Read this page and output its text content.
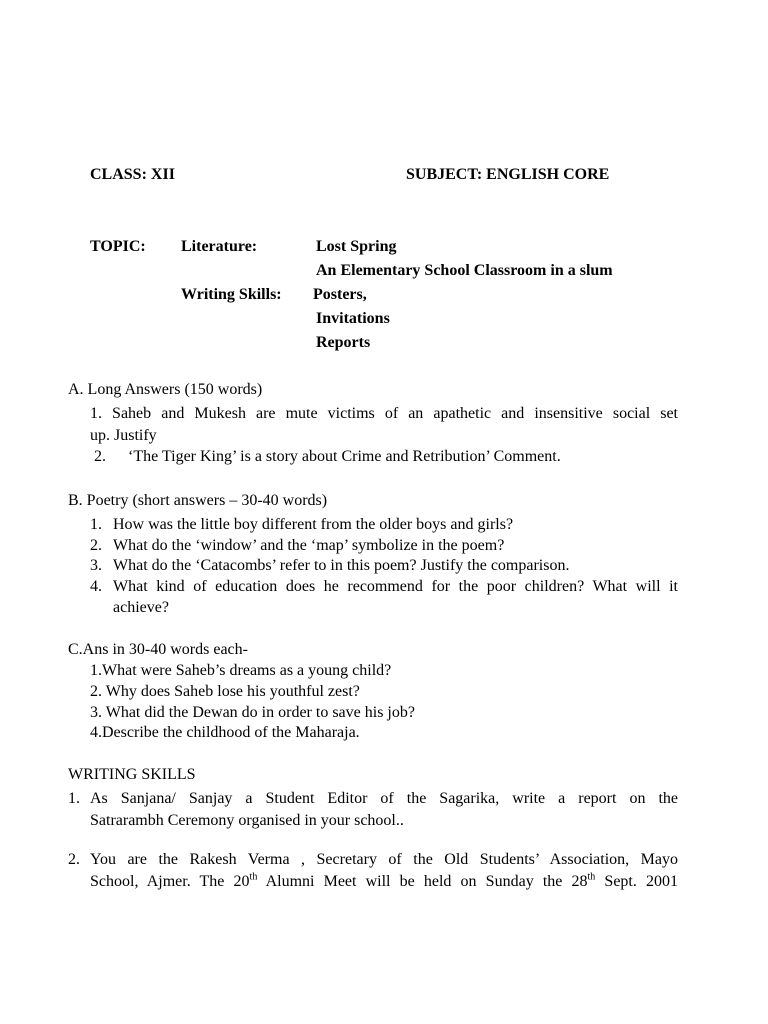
CLASS: XII	SUBJECT: ENGLISH CORE
TOPIC: Literature:	Lost Spring
An Elementary School Classroom in a slum
Writing Skills: Posters,
Invitations
Reports
A. Long Answers (150 words)
1. Saheb and Mukesh are mute victims of an apathetic and insensitive social set
up. Justify
2. ‘The Tiger King’ is a story about Crime and Retribution’ Comment.
B. Poetry (short answers – 30-40 words)
1. How was the little boy different from the older boys and girls?
2. What do the ‘window’ and the ‘map’ symbolize in the poem?
3. What do the ‘Catacombs’ refer to in this poem? Justify the comparison.
4. What kind of education does he recommend for the poor children? What will it
achieve?
C.Ans in 30-40 words each-
1.What were Saheb’s dreams as a young child?
2. Why does Saheb lose his youthful zest?
3. What did the Dewan do in order to save his job?
4.Describe the childhood of the Maharaja.
WRITING SKILLS
1. As Sanjana/ Sanjay a Student Editor of the Sagarika, write a report on the
Satrarambh Ceremony organised in your school..
2. You are the Rakesh Verma , Secretary of the Old Students’ Association, Mayo
School, Ajmer. The 20th Alumni Meet will be held on Sunday the 28th Sept. 2001
